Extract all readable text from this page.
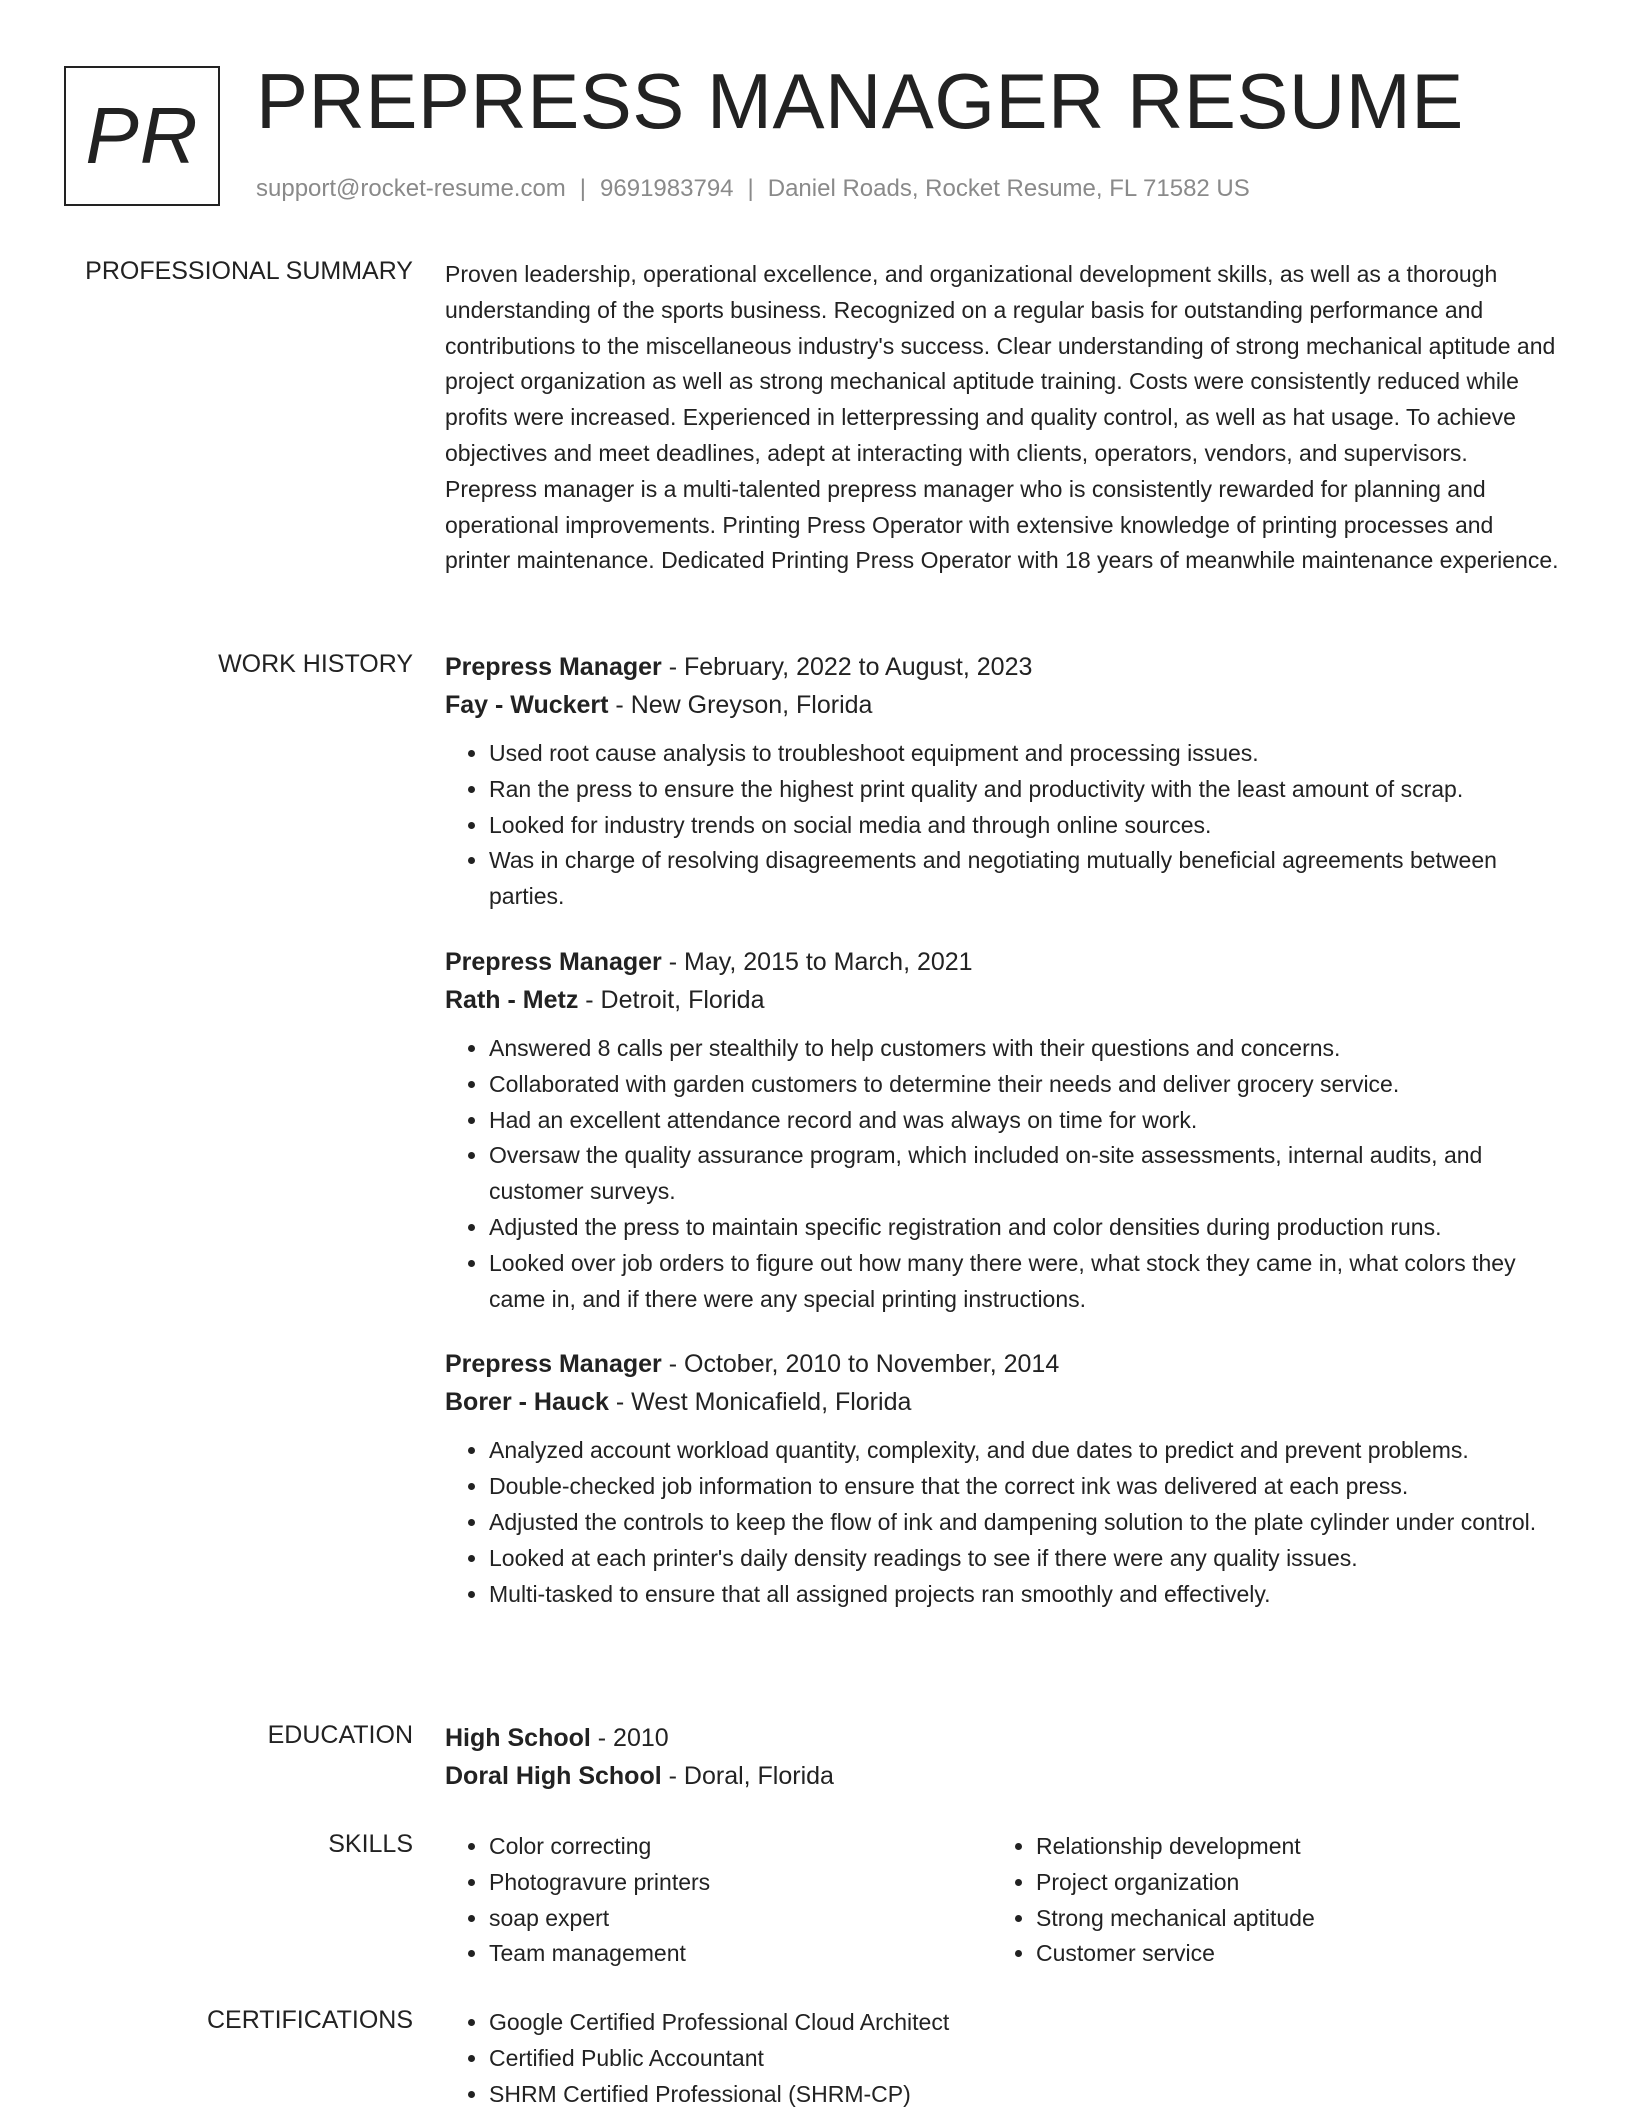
PR PREPRESS MANAGER RESUME
support@rocket-resume.com | 9691983794 | Daniel Roads, Rocket Resume, FL 71582 US
PROFESSIONAL SUMMARY Proven leadership, operational excellence, and organizational development skills, as well as a thorough understanding of the sports business. Recognized on a regular basis for outstanding performance and contributions to the miscellaneous industry's success. Clear understanding of strong mechanical aptitude and project organization as well as strong mechanical aptitude training. Costs were consistently reduced while profits were increased. Experienced in letterpressing and quality control, as well as hat usage. To achieve objectives and meet deadlines, adept at interacting with clients, operators, vendors, and supervisors. Prepress manager is a multi-talented prepress manager who is consistently rewarded for planning and operational improvements. Printing Press Operator with extensive knowledge of printing processes and printer maintenance. Dedicated Printing Press Operator with 18 years of meanwhile maintenance experience.

WORK HISTORY Prepress Manager - February, 2022 to August, 2023
Fay - Wuckert - New Greyson, Florida
• Used root cause analysis to troubleshoot equipment and processing issues.
• Ran the press to ensure the highest print quality and productivity with the least amount of scrap.
• Looked for industry trends on social media and through online sources.
• Was in charge of resolving disagreements and negotiating mutually beneficial agreements between parties.
Prepress Manager - May, 2015 to March, 2021
Rath - Metz - Detroit, Florida
• Answered 8 calls per stealthily to help customers with their questions and concerns.
• Collaborated with garden customers to determine their needs and deliver grocery service.
• Had an excellent attendance record and was always on time for work.
• Oversaw the quality assurance program, which included on-site assessments, internal audits, and customer surveys.
• Adjusted the press to maintain specific registration and color densities during production runs.
• Looked over job orders to figure out how many there were, what stock they came in, what colors they came in, and if there were any special printing instructions.
Prepress Manager - October, 2010 to November, 2014
Borer - Hauck - West Monicafield, Florida
• Analyzed account workload quantity, complexity, and due dates to predict and prevent problems.
• Double-checked job information to ensure that the correct ink was delivered at each press.
• Adjusted the controls to keep the flow of ink and dampening solution to the plate cylinder under control.
• Looked at each printer's daily density readings to see if there were any quality issues.
• Multi-tasked to ensure that all assigned projects ran smoothly and effectively.
EDUCATION High School - 2010
Doral High School - Doral, Florida
SKILLS	• Color correcting
• Photogravure printers
• soap expert
• Team management
• Relationship development
• Project organization
• Strong mechanical aptitude
• Customer service
CERTIFICATIONS	• Google Certified Professional Cloud Architect
• Certified Public Accountant
• SHRM Certified Professional (SHRM-CP)
